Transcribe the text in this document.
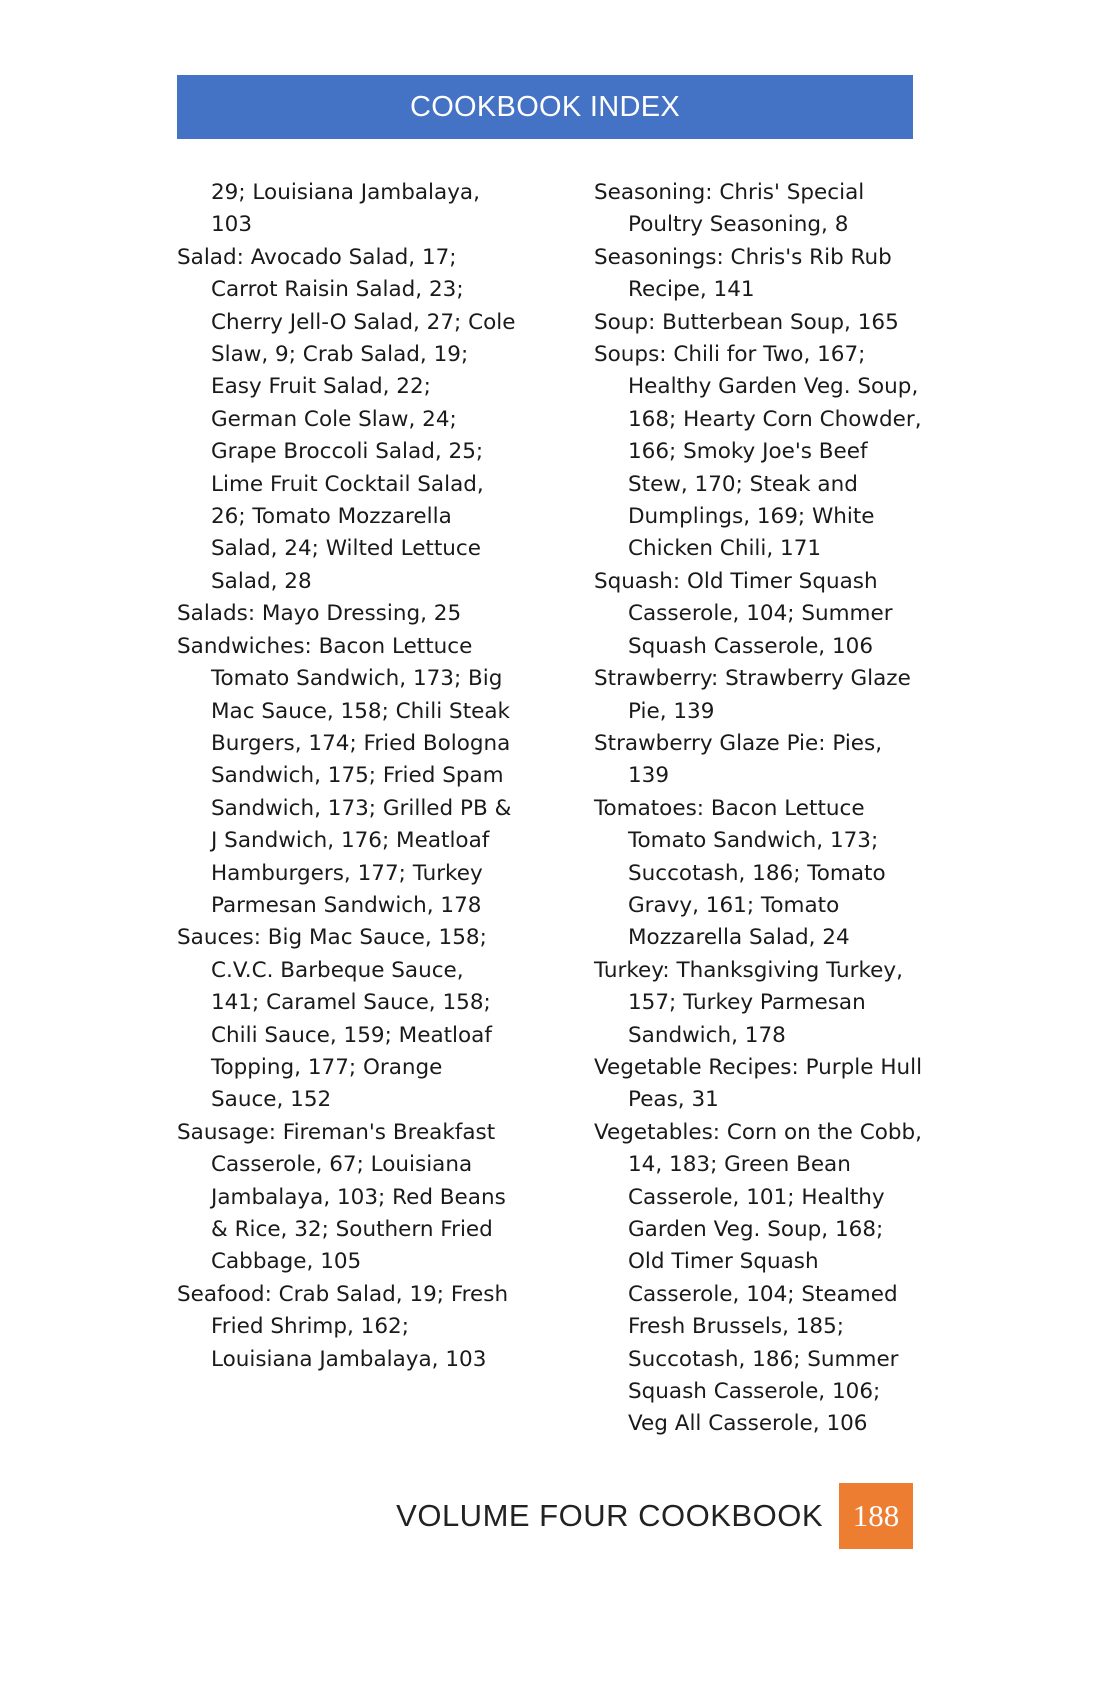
COOKBOOK INDEX

29; Louisiana Jambalaya, 103

Salad: Avocado Salad, 17; Carrot Raisin Salad, 23; Cherry Jell-O Salad, 27; Cole Slaw, 9; Crab Salad, 19; Easy Fruit Salad, 22; German Cole Slaw, 24; Grape Broccoli Salad, 25; Lime Fruit Cocktail Salad, 26; Tomato Mozzarella Salad, 24; Wilted Lettuce Salad, 28

Salads: Mayo Dressing, 25

Sandwiches: Bacon Lettuce Tomato Sandwich, 173; Big Mac Sauce, 158; Chili Steak Burgers, 174; Fried Bologna Sandwich, 175; Fried Spam Sandwich, 173; Grilled PB & J Sandwich, 176; Meatloaf Hamburgers, 177; Turkey Parmesan Sandwich, 178

Sauces: Big Mac Sauce, 158; C.V.C. Barbeque Sauce, 141; Caramel Sauce, 158; Chili Sauce, 159; Meatloaf Topping, 177; Orange Sauce, 152

Sausage: Fireman's Breakfast Casserole, 67; Louisiana Jambalaya, 103; Red Beans & Rice, 32; Southern Fried Cabbage, 105

Seafood: Crab Salad, 19; Fresh Fried Shrimp, 162; Louisiana Jambalaya, 103

Seasoning: Chris' Special Poultry Seasoning, 8

Seasonings: Chris's Rib Rub Recipe, 141

Soup: Butterbean Soup, 165

Soups: Chili for Two, 167; Healthy Garden Veg. Soup, 168; Hearty Corn Chowder, 166; Smoky Joe's Beef Stew, 170; Steak and Dumplings, 169; White Chicken Chili, 171

Squash: Old Timer Squash Casserole, 104; Summer Squash Casserole, 106

Strawberry: Strawberry Glaze Pie, 139

Strawberry Glaze Pie: Pies, 139

Tomatoes: Bacon Lettuce Tomato Sandwich, 173; Succotash, 186; Tomato Gravy, 161; Tomato Mozzarella Salad, 24

Turkey: Thanksgiving Turkey, 157; Turkey Parmesan Sandwich, 178

Vegetable Recipes: Purple Hull Peas, 31

Vegetables: Corn on the Cobb, 14, 183; Green Bean Casserole, 101; Healthy Garden Veg. Soup, 168; Old Timer Squash Casserole, 104; Steamed Fresh Brussels, 185; Succotash, 186; Summer Squash Casserole, 106; Veg All Casserole, 106

VOLUME FOUR COOKBOOK 188
